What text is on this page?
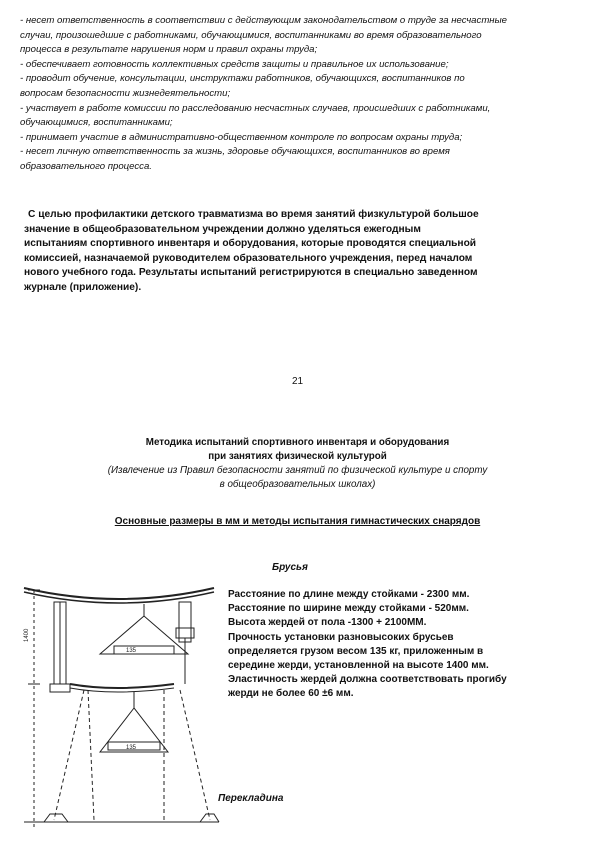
- несет ответственность в соответствии с действующим законодательством о труде за несчастные
случаи, произошедшие с работниками, обучающимися, воспитанниками во время образовательного
процесса в результате нарушения норм и правил охраны труда;
- обеспечивает готовность коллективных средств защиты и правильное их использование;
- проводит обучение, консультации, инструктажи работников, обучающихся, воспитанников по
вопросам безопасности жизнедеятельности;
- участвует в работе комиссии по расследованию несчастных случаев, происшедших с работниками,
обучающимися, воспитанниками;
- принимает участие в административно-общественном контроле по вопросам охраны труда;
- несет личную ответственность за жизнь, здоровье обучающихся, воспитанников во время
образовательного процесса.
С целью профилактики детского травматизма во время занятий физкультурой большое
значение в общеобразовательном учреждении должно уделяться ежегодным
испытаниям спортивного инвентаря и оборудования, которые проводятся специальной
комиссией, назначаемой руководителем образовательного учреждения, перед началом
нового учебного года. Результаты испытаний регистрируются в специально заведенном
журнале (приложение).
21
Методика испытаний спортивного инвентаря и оборудования
при занятиях физической культурой
(Извлечение из Правил безопасности занятий по физической культуре и спорту
в общеобразовательных школах)
Основные размеры в мм и методы испытания гимнастических снарядов
Брусья
135
135
1400
Расстояние по длине между стойками - 2300 мм.
Расстояние по ширине между стойками - 520мм.
Высота жердей от пола -1300 + 2100ММ.
Прочность установки разновысоких брусьев
определяется грузом весом 135 кг, приложенным в
середине жерди, установленной на высоте 1400 мм.
Эластичность жердей должна соответствовать прогибу
жерди не более 60 ±6 мм.
Перекладина
